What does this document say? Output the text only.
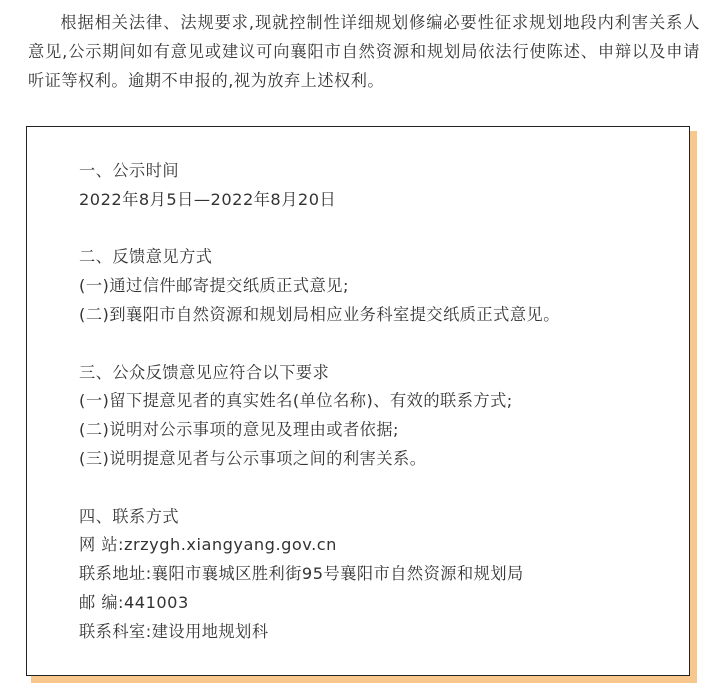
根据相关法律、法规要求,现就控制性详细规划修编必要性征求规划地段内利害关系人意见,公示期间如有意见或建议可向襄阳市自然资源和规划局依法行使陈述、申辩以及申请听证等权利。逾期不申报的,视为放弃上述权利。

一、公示时间
2022年8月5日—2022年8月20日
二、反馈意见方式
(一)通过信件邮寄提交纸质正式意见;
(二)到襄阳市自然资源和规划局相应业务科室提交纸质正式意见。
三、公众反馈意见应符合以下要求
(一)留下提意见者的真实姓名(单位名称)、有效的联系方式;
(二)说明对公示事项的意见及理由或者依据;
(三)说明提意见者与公示事项之间的利害关系。
四、联系方式
网 站:zrzygh.xiangyang.gov.cn
联系地址:襄阳市襄城区胜利街95号襄阳市自然资源和规划局
邮 编:441003
联系科室:建设用地规划科
